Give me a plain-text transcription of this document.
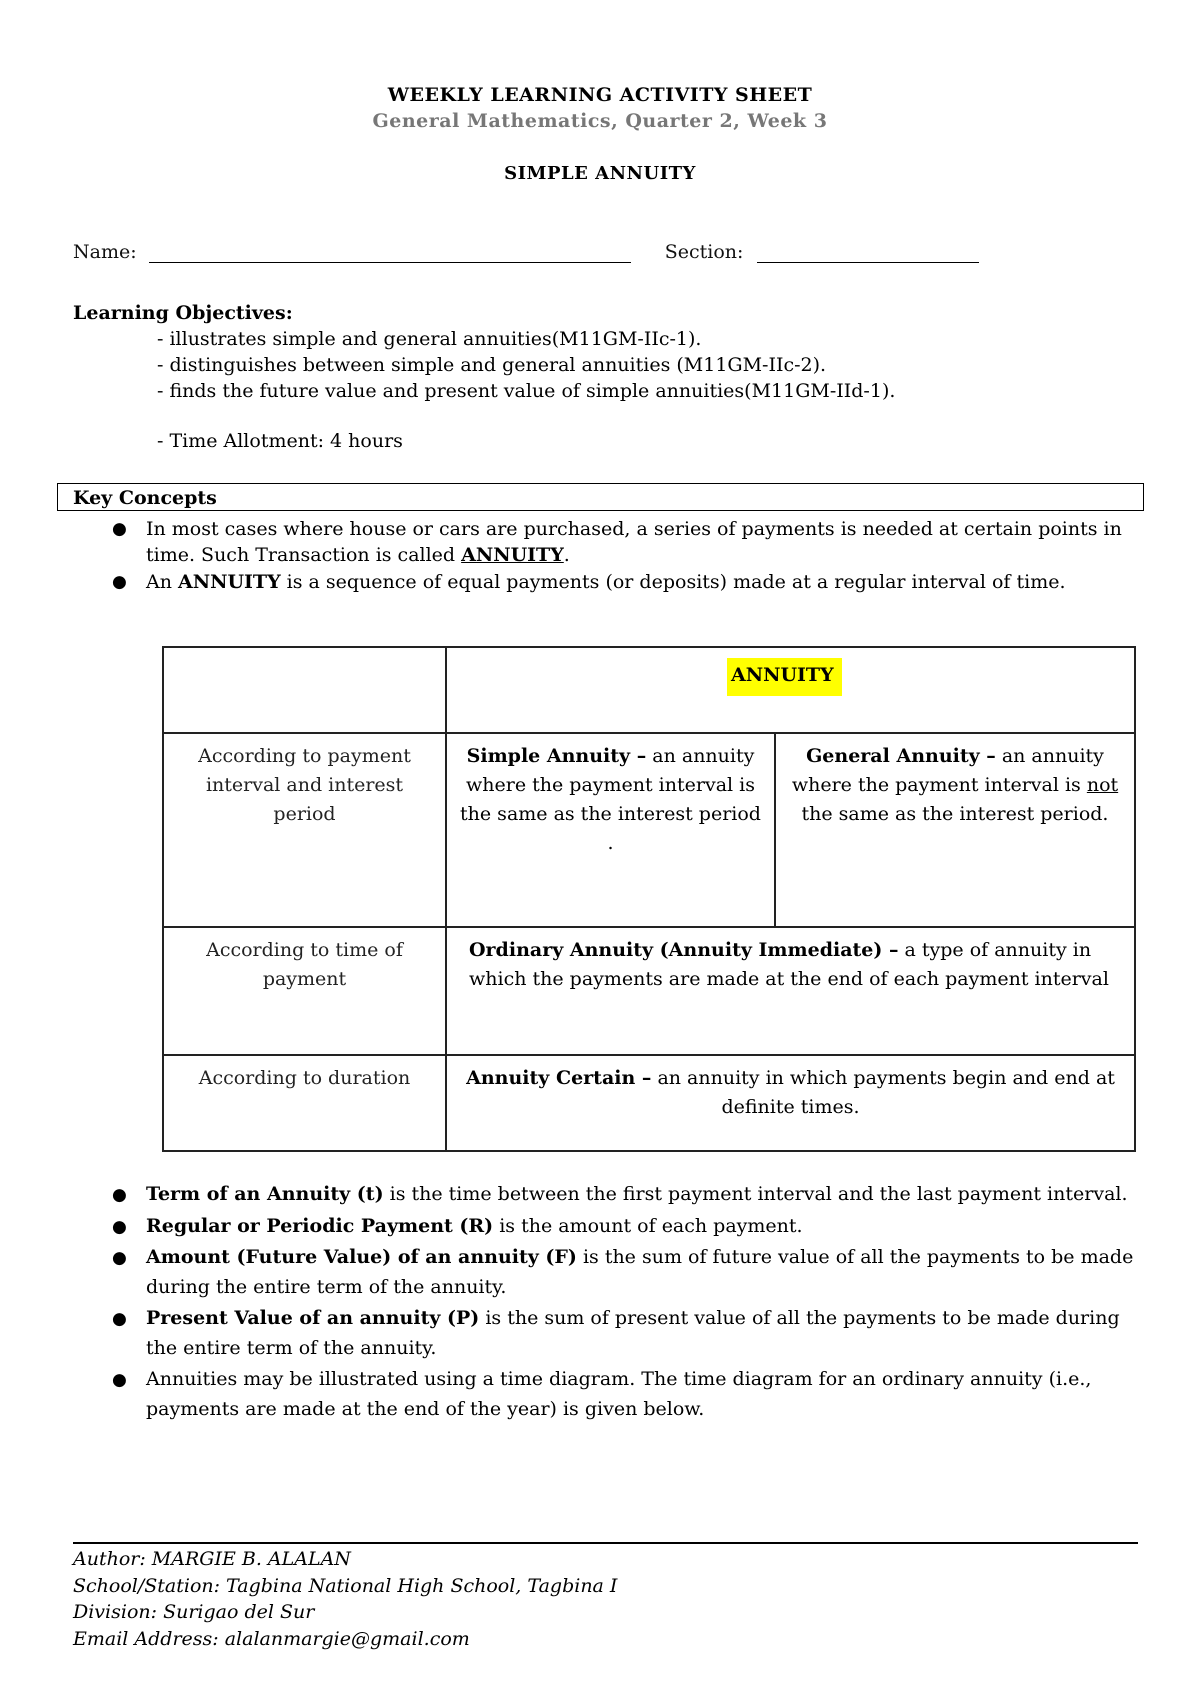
WEEKLY LEARNING ACTIVITY SHEET
General Mathematics, Quarter 2, Week 3
SIMPLE ANNUITY
Name:	Section:
Learning Objectives:
- illustrates simple and general annuities(M11GM-IIc-1).
- distinguishes between simple and general annuities (M11GM-IIc-2).
- finds the future value and present value of simple annuities(M11GM-IId-1).
- Time Allotment: 4 hours
Key Concepts
● In most cases where house or cars are purchased, a series of payments is needed at certain points in time. Such Transaction is called ANNUITY.
● An ANNUITY is a sequence of equal payments (or deposits) made at a regular interval of time.
	ANNUITY	
According to payment interval and interest period	Simple Annuity – an annuity where the payment interval is the same as the interest period .	General Annuity – an annuity where the payment interval is not the same as the interest period.
According to time of payment	Ordinary Annuity (Annuity Immediate) – a type of annuity in which the payments are made at the end of each payment interval	
According to duration	Annuity Certain – an annuity in which payments begin and end at definite times.	
● Term of an Annuity (t) is the time between the first payment interval and the last payment interval.
● Regular or Periodic Payment (R) is the amount of each payment.
● Amount (Future Value) of an annuity (F) is the sum of future value of all the payments to be made during the entire term of the annuity.
● Present Value of an annuity (P) is the sum of present value of all the payments to be made during the entire term of the annuity.
● Annuities may be illustrated using a time diagram. The time diagram for an ordinary annuity (i.e., payments are made at the end of the year) is given below.
Author: MARGIE B. ALALAN
School/Station: Tagbina National High School, Tagbina I
Division: Surigao del Sur
Email Address: alalanmargie@gmail.com
